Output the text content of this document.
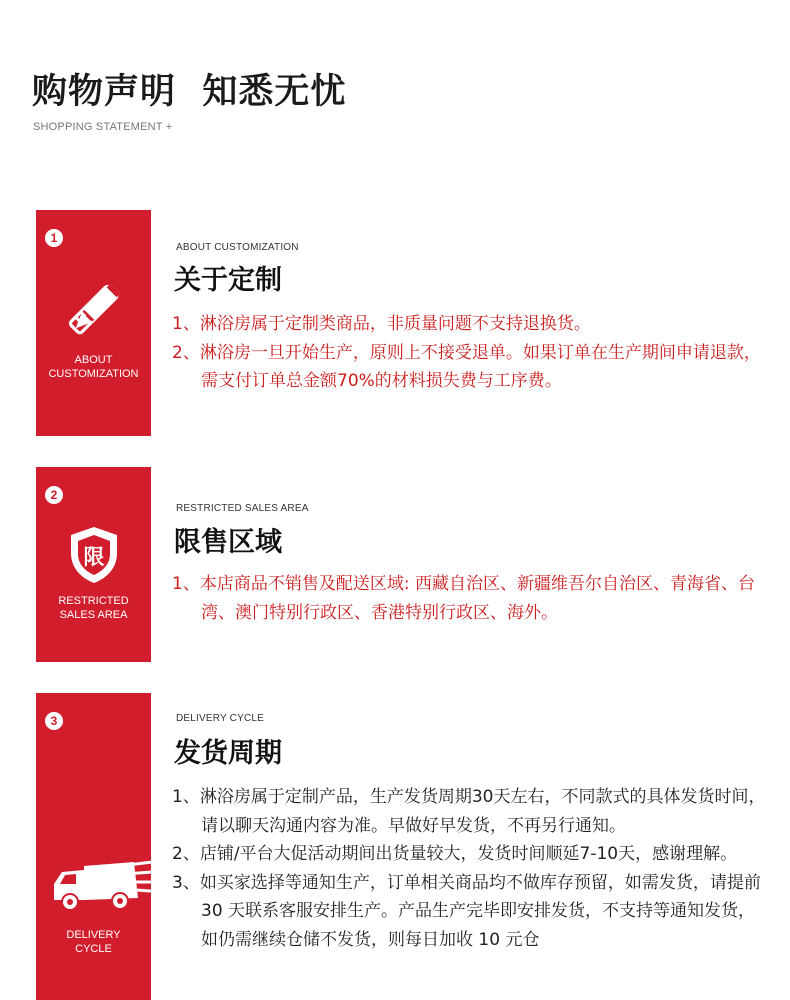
购物声明  知悉无忧
SHOPPING STATEMENT +
1
ABOUT
CUSTOMIZATION
ABOUT CUSTOMIZATION
关于定制
1、淋浴房属于定制类商品，非质量问题不支持退换货。
2、淋浴房一旦开始生产，原则上不接受退单。如果订单在生产期间申请退款，需支付订单总金额70%的材料损失费与工序费。
2
限
RESTRICTED
SALES AREA
RESTRICTED SALES AREA
限售区域
1、本店商品不销售及配送区域: 西藏自治区、新疆维吾尔自治区、青海省、台湾、澳门特别行政区、香港特别行政区、海外。
3
DELIVERY
CYCLE
DELIVERY CYCLE
发货周期
1、淋浴房属于定制产品，生产发货周期30天左右，不同款式的具体发货时间，请以聊天沟通内容为准。早做好早发货，不再另行通知。
2、店铺/平台大促活动期间出货量较大，发货时间顺延7-10天，感谢理解。
3、如买家选择等通知生产，订单相关商品均不做库存预留，如需发货，请提前 30 天联系客服安排生产。产品生产完毕即安排发货，不支持等通知发货，如仍需继续仓储不发货，则每日加收 10 元仓
